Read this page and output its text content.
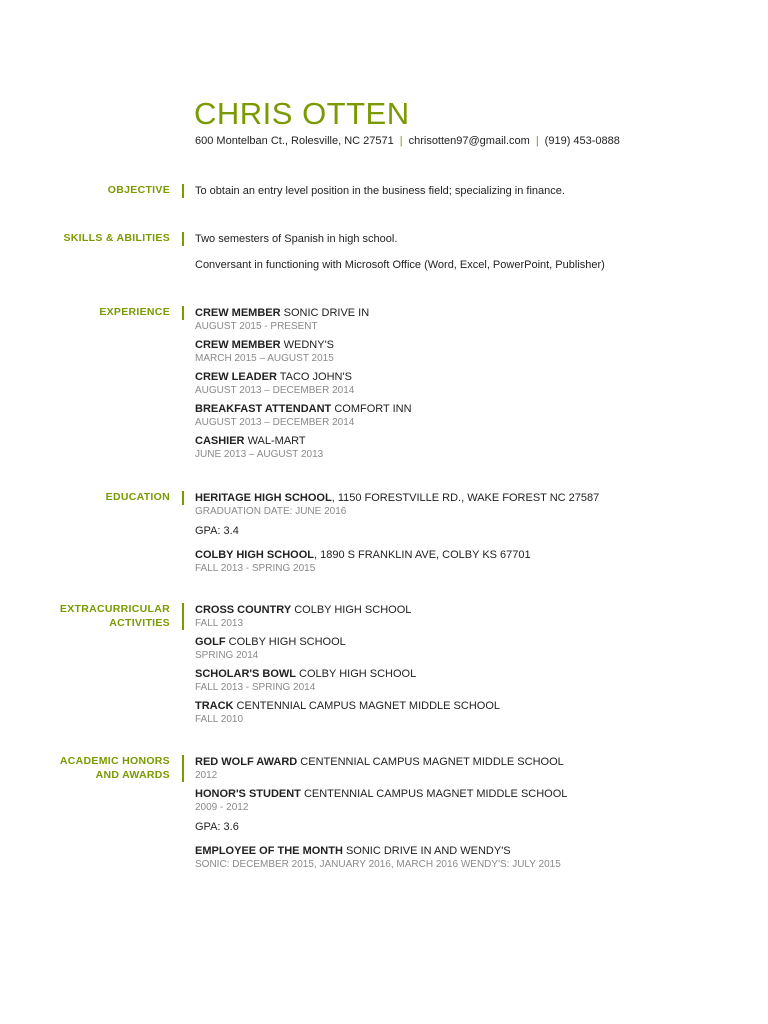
CHRIS OTTEN
600 Montelban Ct., Rolesville, NC 27571 | chrisotten97@gmail.com | (919) 453-0888
OBJECTIVE	To obtain an entry level position in the business field; specializing in finance.
SKILLS & ABILITIES	Two semesters of Spanish in high school.
Conversant in functioning with Microsoft Office (Word, Excel, PowerPoint, Publisher)
EXPERIENCE	CREW MEMBER SONIC DRIVE IN
AUGUST 2015 - PRESENT
CREW MEMBER WEDNY'S
MARCH 2015 – AUGUST 2015
CREW LEADER TACO JOHN'S
AUGUST 2013 – DECEMBER 2014
BREAKFAST ATTENDANT COMFORT INN
AUGUST 2013 – DECEMBER 2014
CASHIER WAL-MART
JUNE 2013 – AUGUST 2013
EDUCATION	HERITAGE HIGH SCHOOL, 1150 FORESTVILLE RD., WAKE FOREST NC 27587
GRADUATION DATE: JUNE 2016
GPA: 3.4
COLBY HIGH SCHOOL, 1890 S FRANKLIN AVE, COLBY KS 67701
FALL 2013 - SPRING 2015
EXTRACURRICULAR
ACTIVITIES
CROSS COUNTRY COLBY HIGH SCHOOL
FALL 2013
GOLF COLBY HIGH SCHOOL
SPRING 2014
SCHOLAR'S BOWL COLBY HIGH SCHOOL
FALL 2013 - SPRING 2014
TRACK CENTENNIAL CAMPUS MAGNET MIDDLE SCHOOL
FALL 2010
ACADEMIC HONORS
AND AWARDS
RED WOLF AWARD CENTENNIAL CAMPUS MAGNET MIDDLE SCHOOL
2012
HONOR'S STUDENT CENTENNIAL CAMPUS MAGNET MIDDLE SCHOOL
2009 - 2012
GPA: 3.6
EMPLOYEE OF THE MONTH SONIC DRIVE IN AND WENDY'S
SONIC: DECEMBER 2015, JANUARY 2016, MARCH 2016 WENDY'S: JULY 2015
